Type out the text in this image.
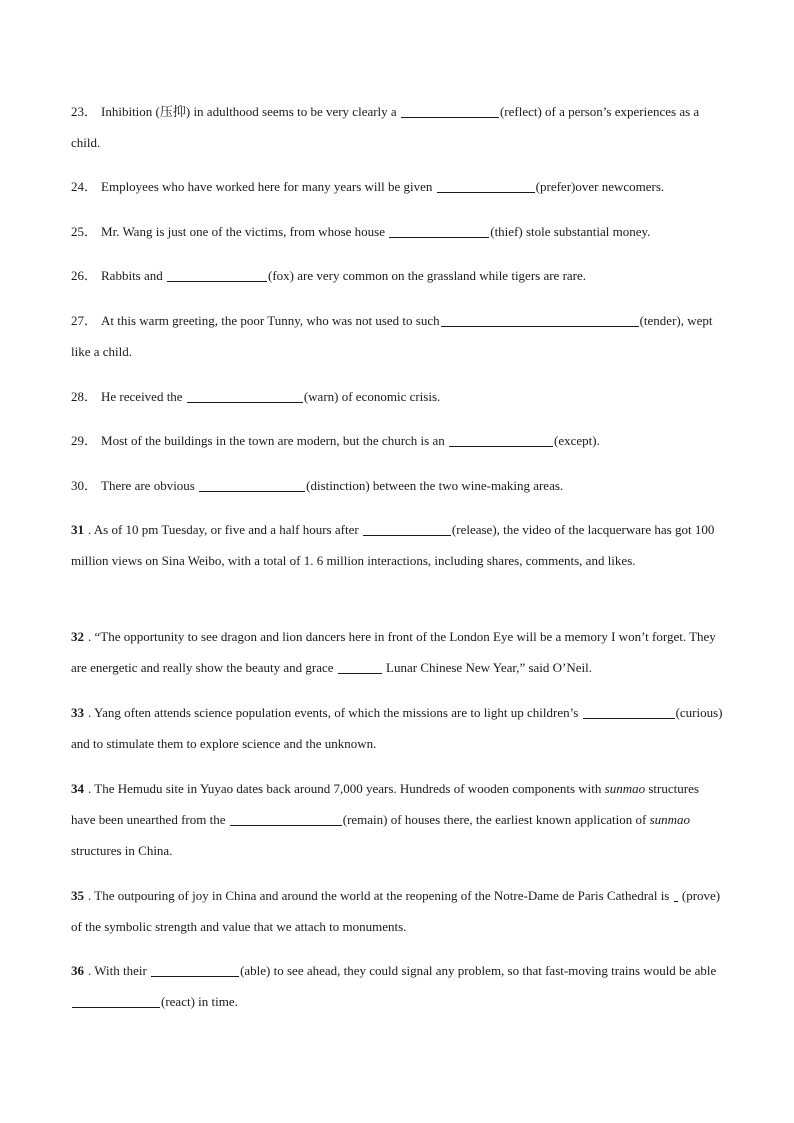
23． Inhibition (压抑) in adulthood seems to be very clearly a	(reflect) of a person’s experiences as a child.

24． Employees who have worked here for many years will be given	(prefer)over newcomers.

25． Mr. Wang is just one of the victims, from whose house	(thief) stole substantial money.

26． Rabbits and	(fox) are very common on the grassland while tigers are rare.

27． At this warm greeting, the poor Tunny, who was not used to such	(tender), wept like a child.

28． He received the	(warn) of economic crisis.

29． Most of the buildings in the town are modern, but the church is an	(except).

30． There are obvious	(distinction) between the two wine-making areas.

31 . As of 10 pm Tuesday, or five and a half hours after	(release), the video of the lacquerware has got 100 million views on Sina Weibo, with a total of 1. 6 million interactions, including shares, comments, and likes.

32 . “The opportunity to see dragon and lion dancers here in front of the London Eye will be a memory I won’t forget. They are energetic and really show the beauty and grace	Lunar Chinese New Year,” said O’Neil.

33 . Yang often attends science population events, of which the missions are to light up children’s	(curious) and to stimulate them to explore science and the unknown.

34 . The Hemudu site in Yuyao dates back around 7,000 years. Hundreds of wooden components with sunmao structures have been unearthed from the	(remain) of houses there, the earliest known application of sunmao structures in China.

35 . The outpouring of joy in China and around the world at the reopening of the Notre-Dame de Paris Cathedral is (prove) of the symbolic strength and value that we attach to monuments.

36 . With their	(able) to see ahead, they could signal any problem, so that fast-moving trains would be able (react) in time.
